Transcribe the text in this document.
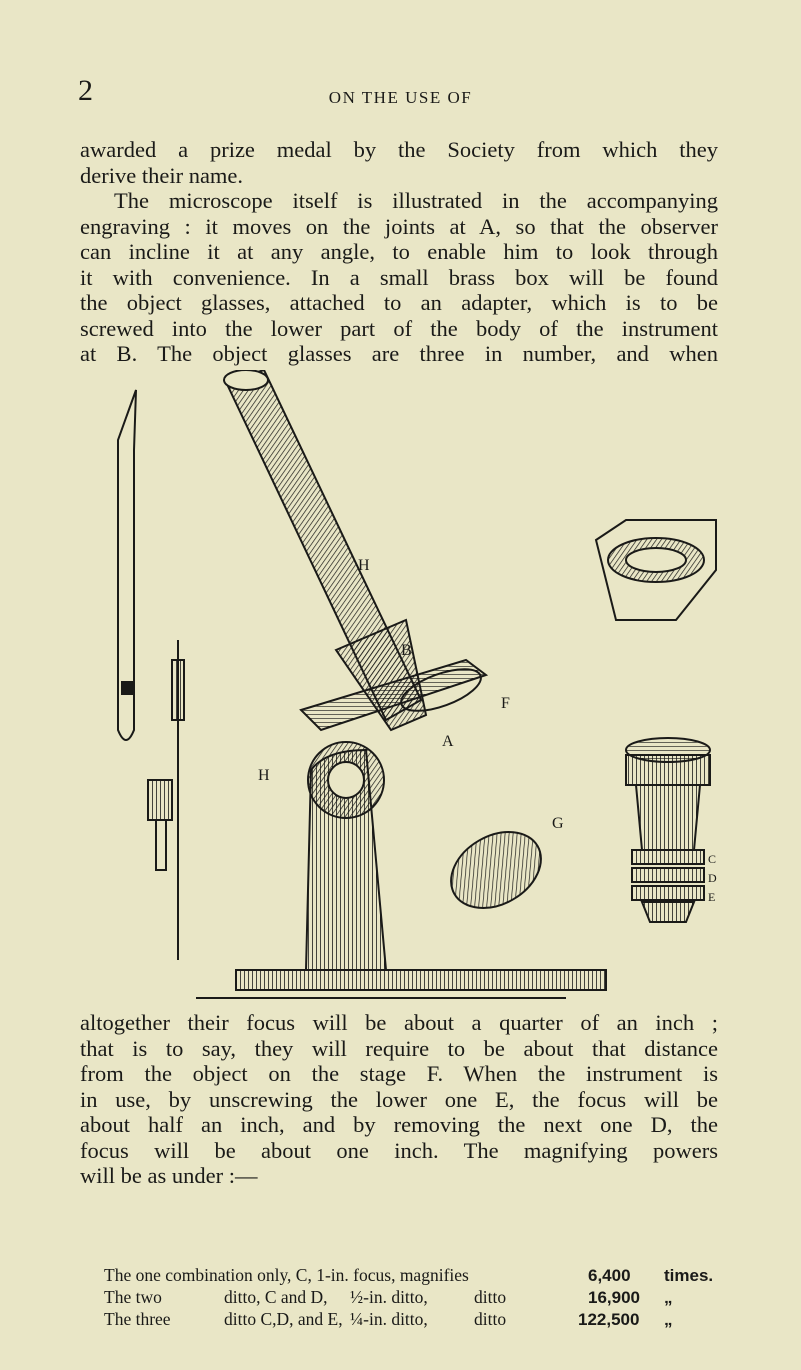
2	ON THE USE OF
awarded a prize medal by the Society from which they
derive their name.
The microscope itself is illustrated in the accompanying
engraving : it moves on the joints at A, so that the observer
can incline it at any angle, to enable him to look through
it with convenience. In a small brass box will be found
the object glasses, attached to an adapter, which is to be
screwed into the lower part of the body of the instrument
at B. The object glasses are three in number, and when
H
B
F
H
A
G
C
D
E
altogether their focus will be about a quarter of an inch ;
that is to say, they will require to be about that distance
from the object on the stage F. When the instrument is
in use, by unscrewing the lower one E, the focus will be
about half an inch, and by removing the next one D, the
focus will be about one inch. The magnifying powers
will be as under :—
The one combination only, C, 1-in. focus, magnifies	6,400 times.
The two	ditto, C and D, ½-in. ditto,	ditto	16,900 „
The three	ditto C,D, and E, ¼-in. ditto,	ditto	122,500 „
